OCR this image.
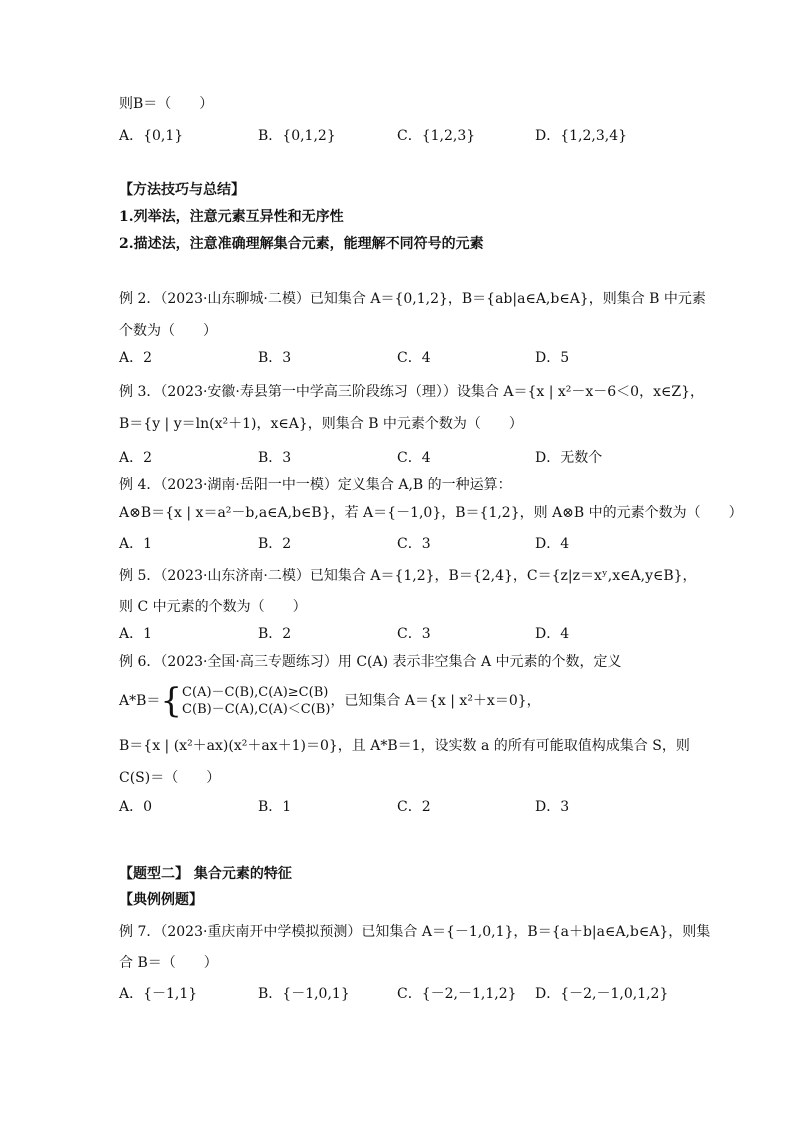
则B＝（　　）
A．{0,1}	B．{0,1,2}	C．{1,2,3}	D．{1,2,3,4}
【方法技巧与总结】
1.列举法，注意元素互异性和无序性
2.描述法，注意准确理解集合元素，能理解不同符号的元素
例 2．（2023·山东聊城·二模）已知集合 A＝{0,1,2}，B＝{ab|a∈A,b∈A}，则集合 B 中元素
个数为（　　）
A．2	B．3	C．4	D．5
例 3．（2023·安徽·寿县第一中学高三阶段练习（理））设集合 A＝{x | x²－x－6＜0，x∈Z}，
B＝{y | y＝ln(x²＋1)，x∈A}，则集合 B 中元素个数为（　　）
A．2	B．3	C．4	D．无数个
例 4．（2023·湖南·岳阳一中一模）定义集合 A,B 的一种运算：
A⊗B＝{x | x＝a²－b,a∈A,b∈B}，若 A＝{－1,0}，B＝{1,2}，则 A⊗B 中的元素个数为（　　）
A．1	B．2	C．3	D．4
例 5．（2023·山东济南·二模）已知集合 A＝{1,2}，B＝{2,4}，C＝{z|z＝xʸ,x∈A,y∈B}，
则 C 中元素的个数为（　　）
A．1	B．2	C．3	D．4
例 6．（2023·全国·高三专题练习）用 C(A) 表示非空集合 A 中元素的个数，定义
A*B＝{ C(A)－C(B),C(A)≥C(B)
C(B)－C(A),C(A)＜C(B)
，已知集合 A＝{x | x²＋x＝0}，
B＝{x | (x²＋ax)(x²＋ax＋1)＝0}，且 A*B＝1，设实数 a 的所有可能取值构成集合 S，则
C(S)＝（　　）
A．0	B．1	C．2	D．3
【题型二】 集合元素的特征
【典例例题】
例 7．（2023·重庆南开中学模拟预测）已知集合 A＝{－1,0,1}，B＝{a＋b|a∈A,b∈A}，则集
合 B＝（　　）
A．{－1,1}	B．{－1,0,1}	C．{－2,－1,1,2} D．{－2,－1,0,1,2}
